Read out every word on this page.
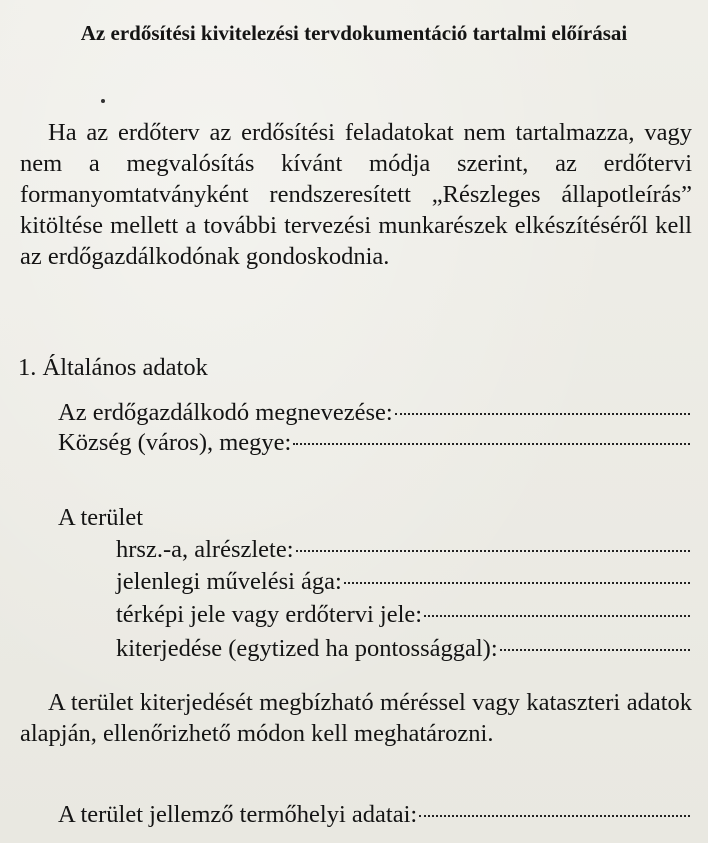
Az erdősítési kivitelezési tervdokumentáció tartalmi előírásai
Ha az erdőterv az erdősítési feladatokat nem tartalmazza, vagy nem a megvalósítás kívánt módja szerint, az erdőtervi formanyomtatványként rendszeresített „Részleges állapotleírás” kitöltése mellett a további tervezési munkarészek elkészítéséről kell az erdőgazdálkodónak gondoskodnia.
1. Általános adatok
Az erdőgazdálkodó megnevezése:
Község (város), megye:
A terület
hrsz.-a, alrészlete:
jelenlegi művelési ága:
térképi jele vagy erdőtervi jele:
kiterjedése (egytized ha pontossággal):
A terület kiterjedését megbízható méréssel vagy kataszteri adatok alapján, ellenőrizhető módon kell meghatározni.
A terület jellemző termőhelyi adatai:
